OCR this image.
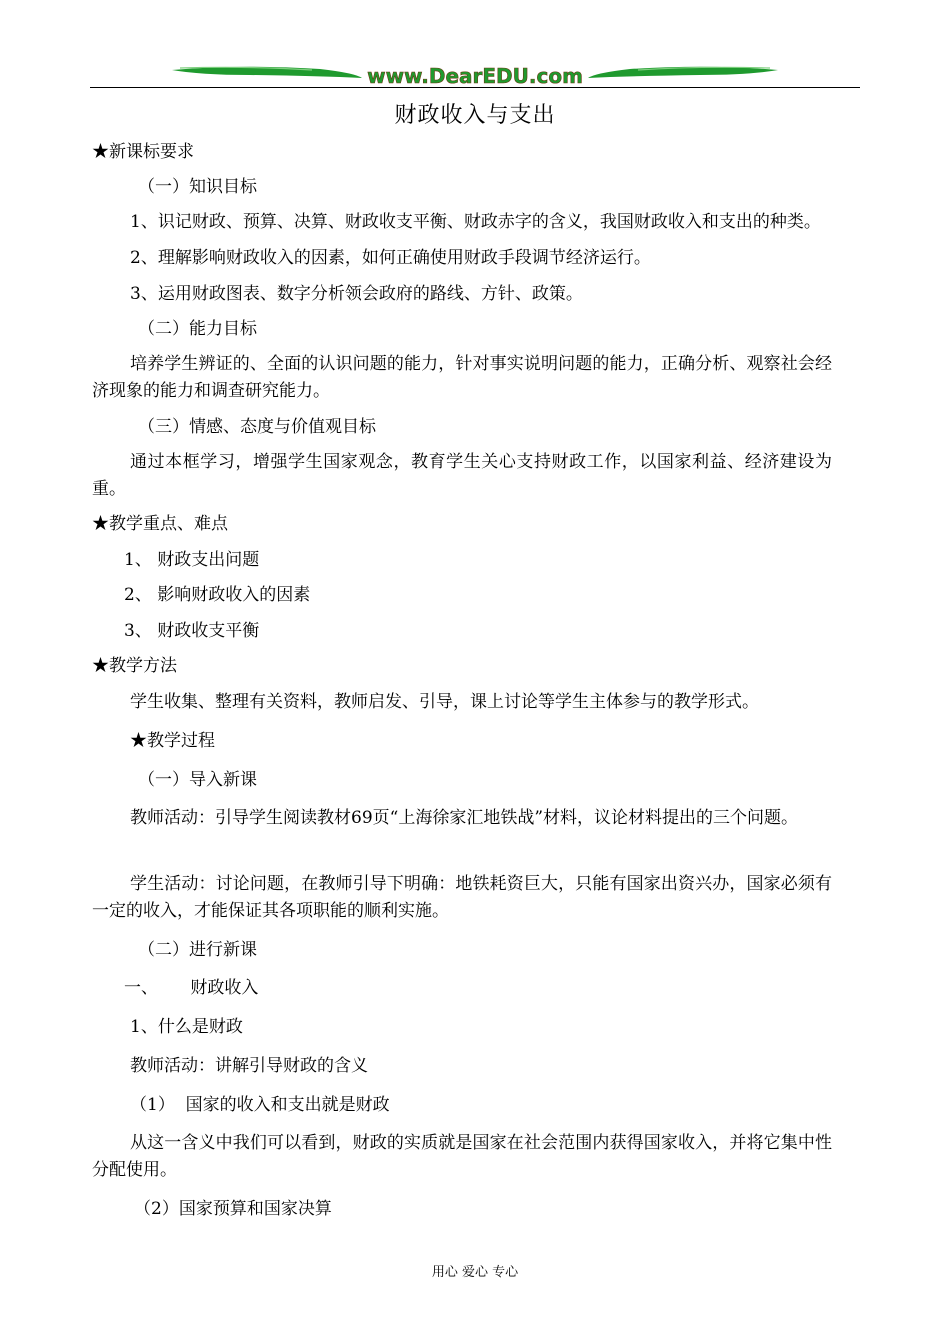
www.DearEDU.com
财政收入与支出
★新课标要求
（一）知识目标
1、识记财政、预算、决算、财政收支平衡、财政赤字的含义，我国财政收入和支出的种类。
2、理解影响财政收入的因素，如何正确使用财政手段调节经济运行。
3、运用财政图表、数字分析领会政府的路线、方针、政策。
（二）能力目标
培养学生辨证的、全面的认识问题的能力，针对事实说明问题的能力，正确分析、观察社会经济现象的能力和调查研究能力。
（三）情感、态度与价值观目标
通过本框学习，增强学生国家观念，教育学生关心支持财政工作，以国家利益、经济建设为重。
★教学重点、难点
1、 财政支出问题
2、 影响财政收入的因素
3、 财政收支平衡
★教学方法
学生收集、整理有关资料，教师启发、引导，课上讨论等学生主体参与的教学形式。
★教学过程
（一）导入新课
教师活动：引导学生阅读教材69页“上海徐家汇地铁战”材料，议论材料提出的三个问题。
学生活动：讨论问题，在教师引导下明确：地铁耗资巨大，只能有国家出资兴办，国家必须有一定的收入，才能保证其各项职能的顺利实施。
（二）进行新课
一、      财政收入
1、什么是财政
教师活动：讲解引导财政的含义
（1）  国家的收入和支出就是财政
从这一含义中我们可以看到，财政的实质就是国家在社会范围内获得国家收入，并将它集中性分配使用。
（2）国家预算和国家决算
用心 爱心 专心
